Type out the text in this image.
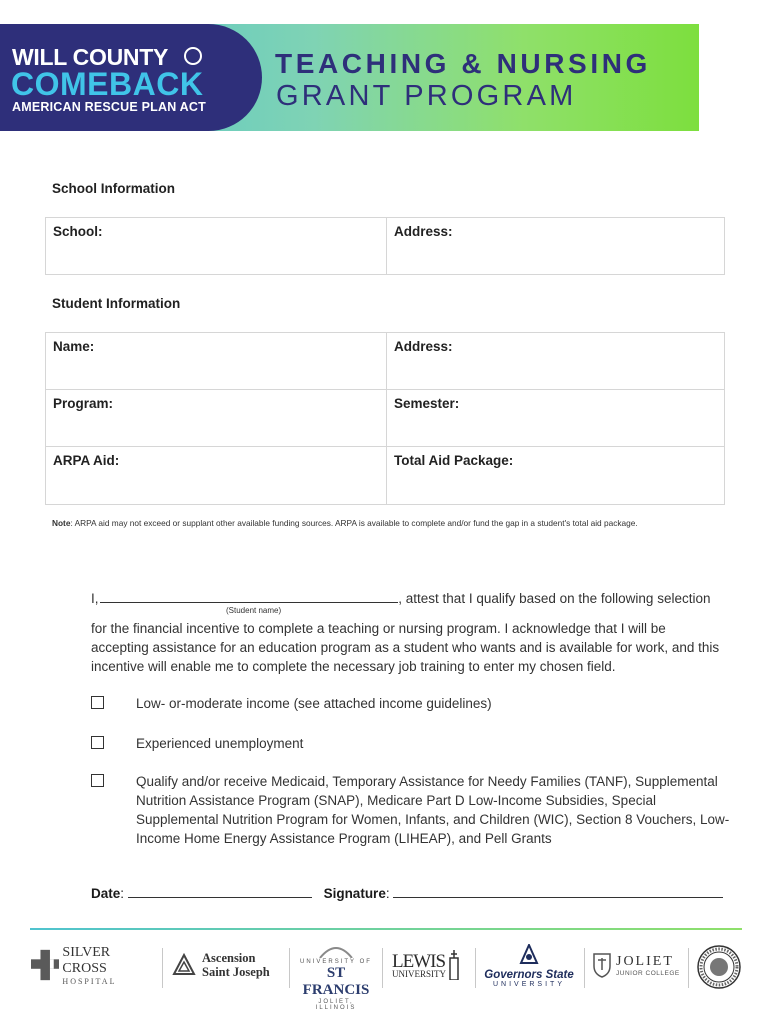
WILL COUNTY
COMEBACK
AMERICAN RESCUE PLAN ACT
TEACHING & NURSING
GRANT PROGRAM
School Information
School:	Address:
Student Information
Name:	Address:
Program:	Semester:
ARPA Aid:	Total Aid Package:
Note: ARPA aid may not exceed or supplant other available funding sources. ARPA is available to complete and/or fund the gap in a student's total aid package.
I,	, attest that I qualify based on the following selection
(Student name)
for the financial incentive to complete a teaching or nursing program. I acknowledge that I will be accepting assistance for an education program as a student who wants and is available for work, and this incentive will enable me to complete the necessary job training to enter my chosen field.
Low- or-moderate income (see attached income guidelines)
Experienced unemployment
Qualify and/or receive Medicaid, Temporary Assistance for Needy Families (TANF), Supplemental Nutrition Assistance Program (SNAP), Medicare Part D Low-Income Subsidies, Special Supplemental Nutrition Program for Women, Infants, and Children (WIC), Section 8 Vouchers, Low-Income Home Energy Assistance Program (LIHEAP), and Pell Grants
Date:	Signature:
SILVER CROSS
HOSPITAL
Ascension
Saint Joseph
UNIVERSITY OF
ST FRANCIS
JOLIET, ILLINOIS
LEWIS
UNIVERSITY	Governors State
UNIVERSITY
JOLIET
JUNIOR COLLEGE
